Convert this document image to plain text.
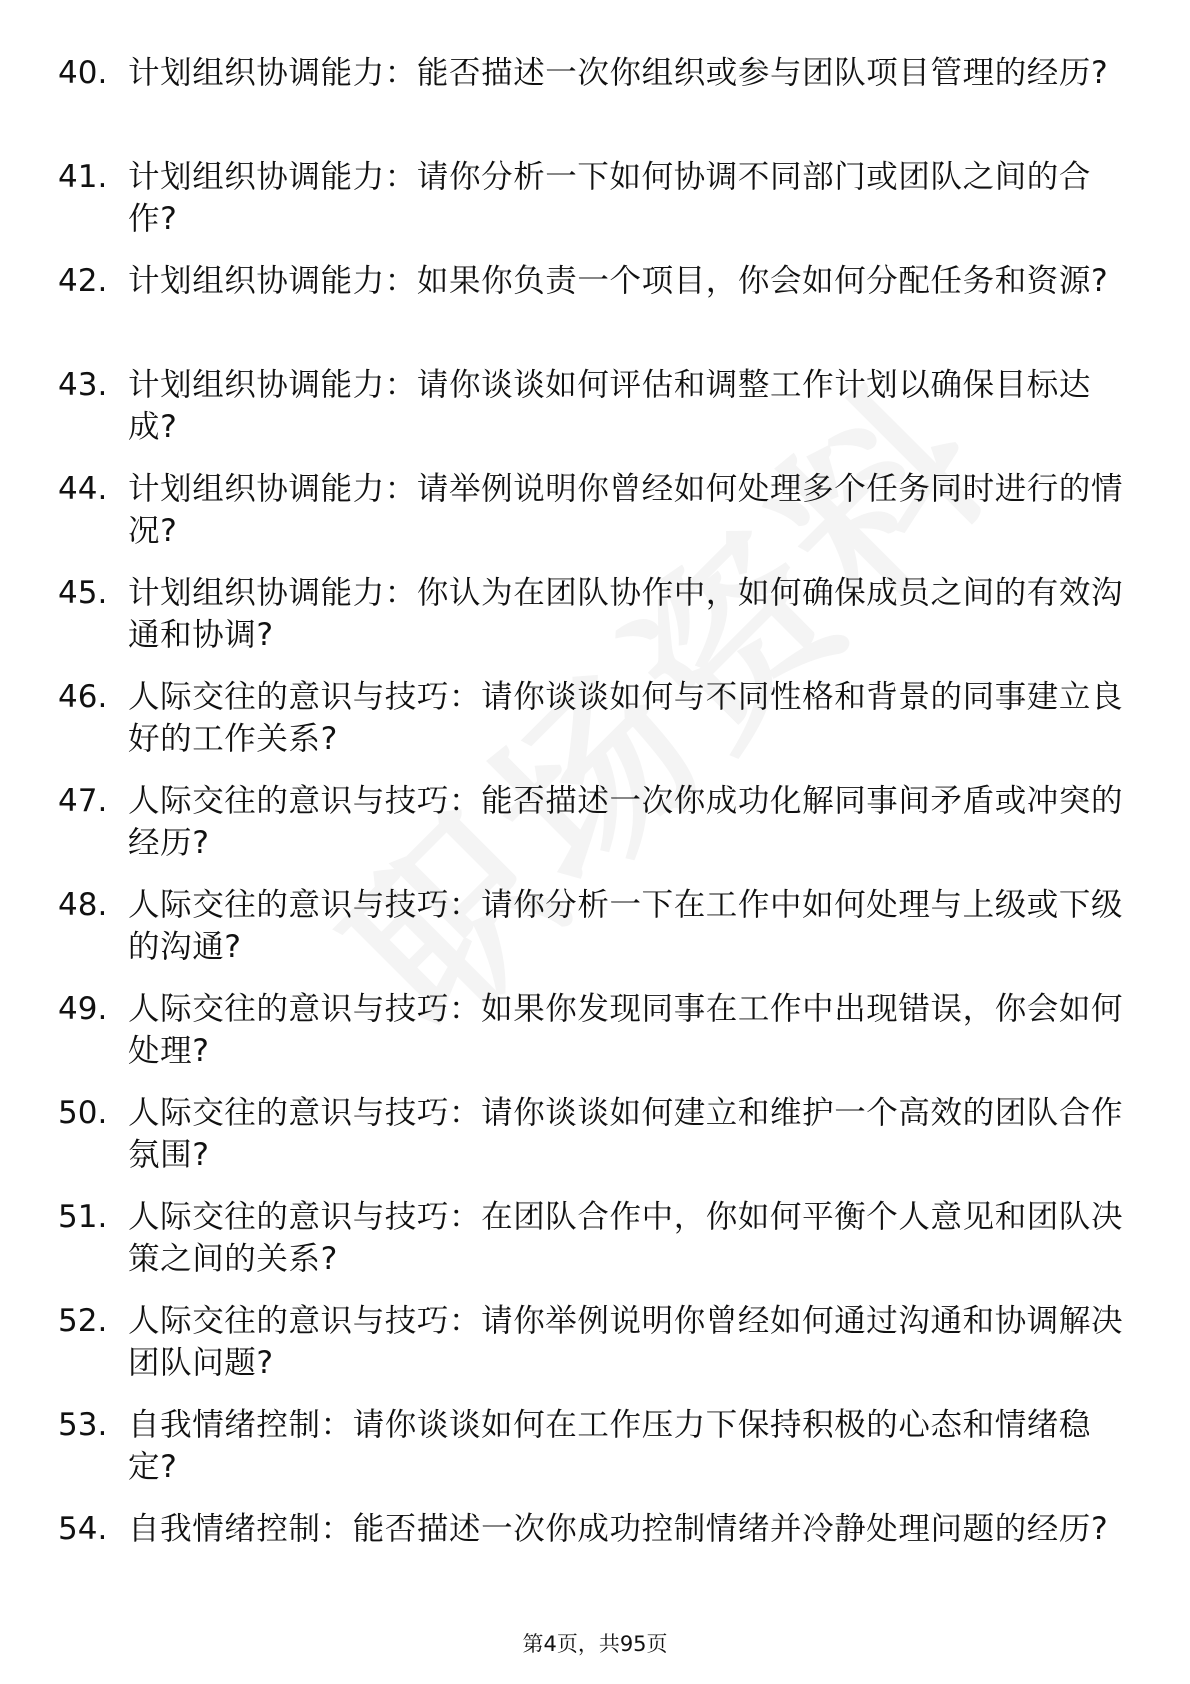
40. 计划组织协调能力：能否描述一次你组织或参与团队项目管理的经历?
41. 计划组织协调能力：请你分析一下如何协调不同部门或团队之间的合作?
42. 计划组织协调能力：如果你负责一个项目，你会如何分配任务和资源?
43. 计划组织协调能力：请你谈谈如何评估和调整工作计划以确保目标达成?
44. 计划组织协调能力：请举例说明你曾经如何处理多个任务同时进行的情况?
45. 计划组织协调能力：你认为在团队协作中，如何确保成员之间的有效沟通和协调?
46. 人际交往的意识与技巧：请你谈谈如何与不同性格和背景的同事建立良好的工作关系?
47. 人际交往的意识与技巧：能否描述一次你成功化解同事间矛盾或冲突的经历?
48. 人际交往的意识与技巧：请你分析一下在工作中如何处理与上级或下级的沟通?
49. 人际交往的意识与技巧：如果你发现同事在工作中出现错误，你会如何处理?
50. 人际交往的意识与技巧：请你谈谈如何建立和维护一个高效的团队合作氛围?
51. 人际交往的意识与技巧：在团队合作中，你如何平衡个人意见和团队决策之间的关系?
52. 人际交往的意识与技巧：请你举例说明你曾经如何通过沟通和协调解决团队问题?
53. 自我情绪控制：请你谈谈如何在工作压力下保持积极的心态和情绪稳定?
54. 自我情绪控制：能否描述一次你成功控制情绪并冷静处理问题的经历?
第4页，共95页
